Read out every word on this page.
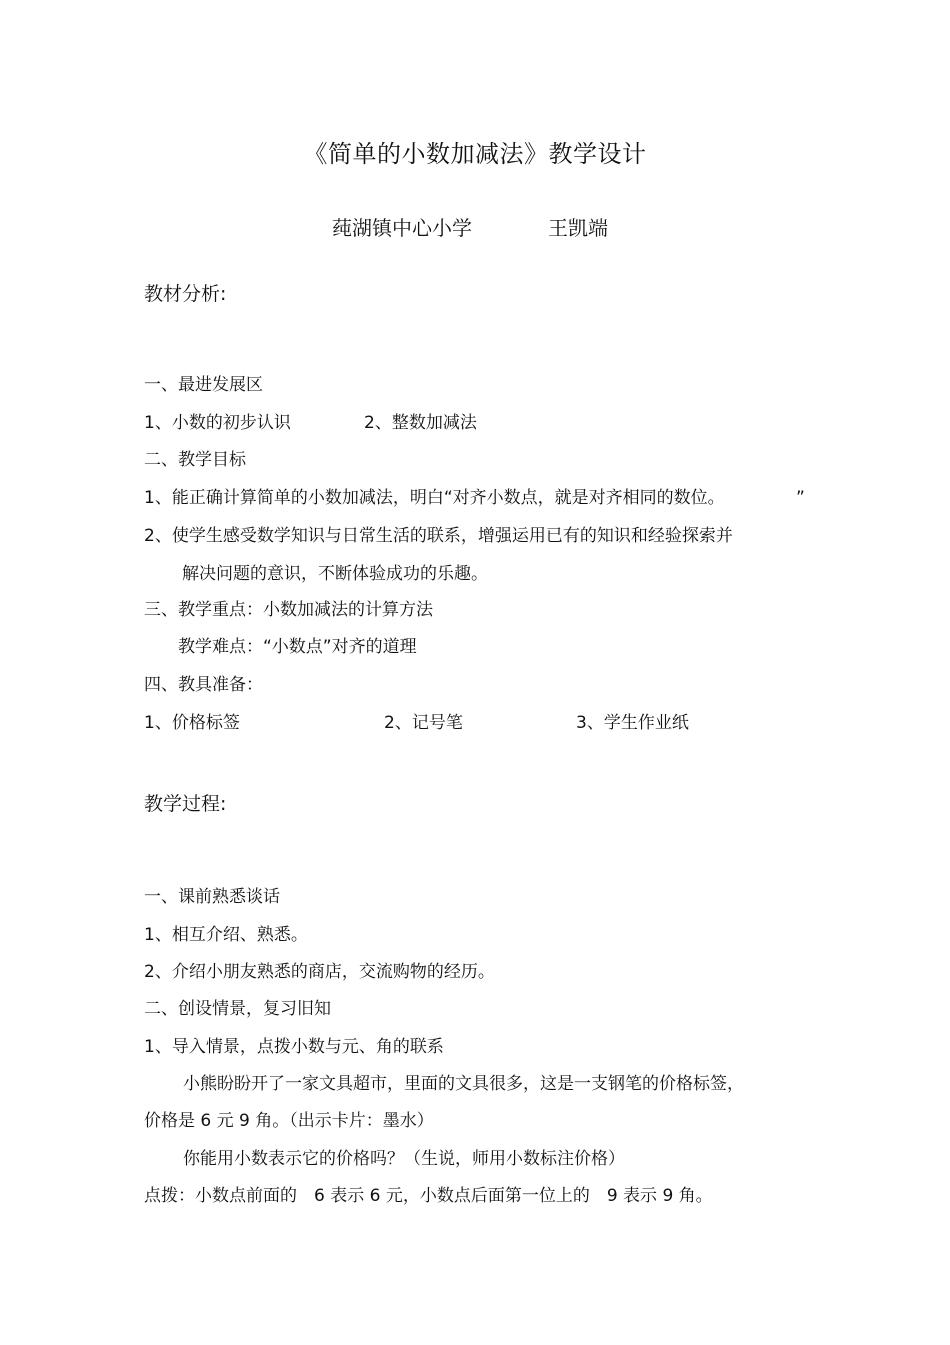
《简单的小数加减法》教学设计
莼湖镇中心小学	王凯端
教材分析:
一、最进发展区
1、小数的初步认识	2、整数加减法
二、教学目标
1、能正确计算简单的小数加减法，明白“对齐小数点，就是对齐相同的数位。	”
2、使学生感受数学知识与日常生活的联系，增强运用已有的知识和经验探索并
解决问题的意识，不断体验成功的乐趣。
三、教学重点：小数加减法的计算方法
教学难点：“小数点”对齐的道理
四、教具准备：
1、价格标签	2、记号笔	3、学生作业纸
教学过程:
一、课前熟悉谈话
1、相互介绍、熟悉。
2、介绍小朋友熟悉的商店，交流购物的经历。
二、创设情景，复习旧知
1、导入情景，点拨小数与元、角的联系
小熊盼盼开了一家文具超市，里面的文具很多，这是一支钢笔的价格标签，
价格是 6 元 9 角。（出示卡片：墨水）
你能用小数表示它的价格吗？（生说，师用小数标注价格）
点拨：小数点前面的　6 表示 6 元，小数点后面第一位上的　9 表示 9 角。
